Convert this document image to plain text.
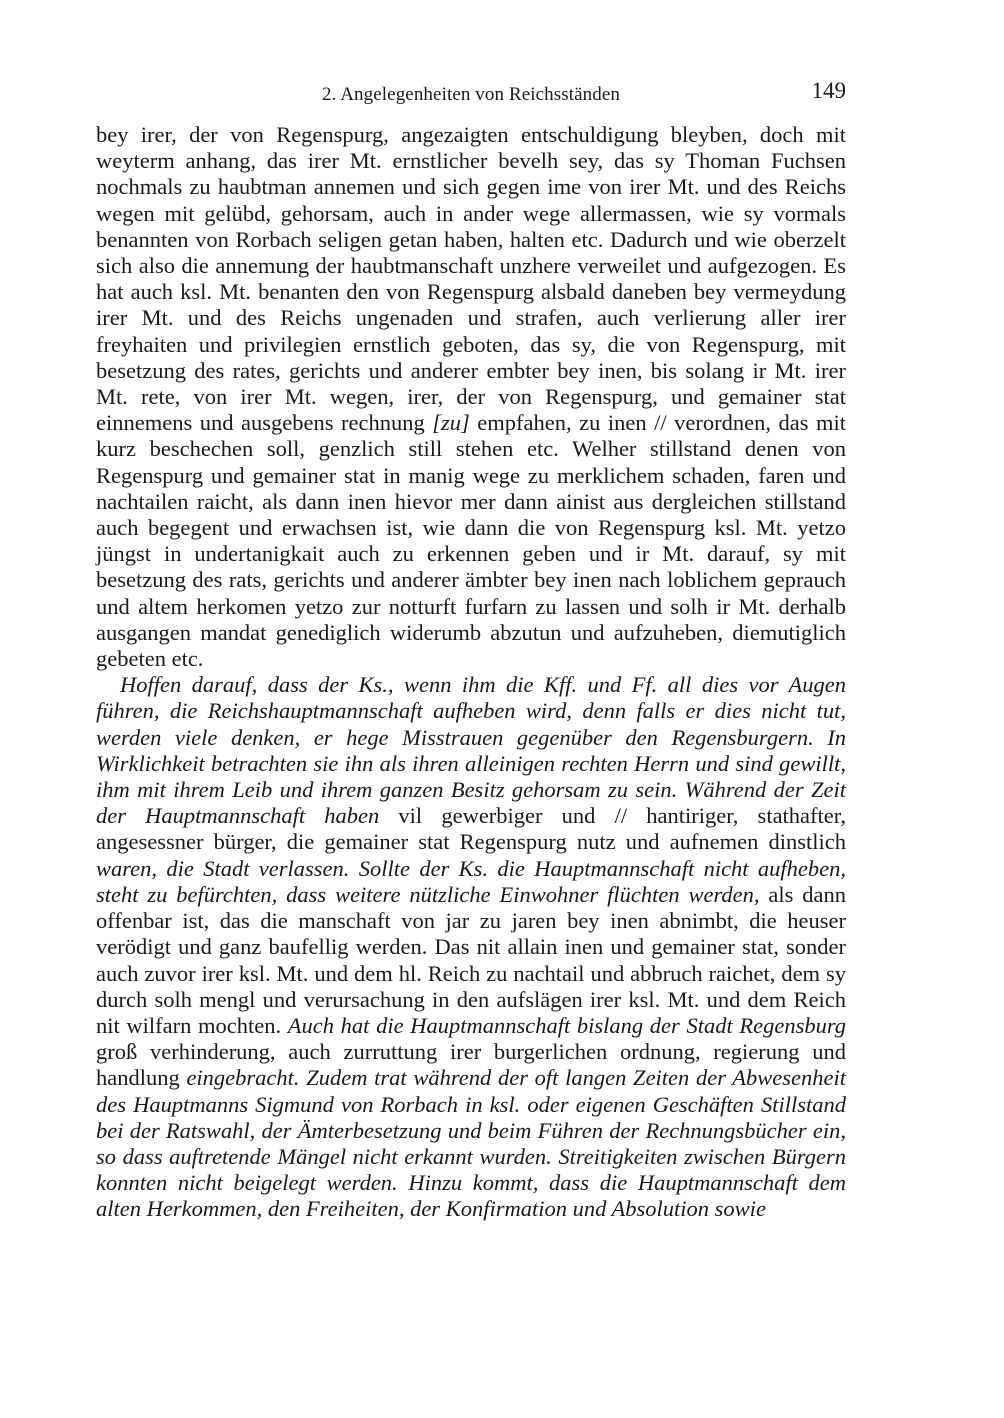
2. Angelegenheiten von Reichsständen	149

bey irer, der von Regenspurg, angezaigten entschuldigung bleyben, doch mit weyterm anhang, das irer Mt. ernstlicher bevelh sey, das sy Thoman Fuchsen nochmals zu haubtman annemen und sich gegen ime von irer Mt. und des Reichs wegen mit gelübd, gehorsam, auch in ander wege allermassen, wie sy vormals benannten von Rorbach seligen getan haben, halten etc. Dadurch und wie oberzelt sich also die annemung der haubtmanschaft unzhere verweilet und aufgezogen. Es hat auch ksl. Mt. benanten den von Regenspurg alsbald daneben bey vermeydung irer Mt. und des Reichs ungenaden und strafen, auch verlierung aller irer freyhaiten und privilegien ernstlich geboten, das sy, die von Regenspurg, mit besetzung des rates, gerichts und anderer embter bey inen, bis solang ir Mt. irer Mt. rete, von irer Mt. wegen, irer, der von Regenspurg, und gemainer stat einnemens und ausgebens rechnung [zu] empfahen, zu inen // verordnen, das mit kurz beschechen soll, genzlich still stehen etc. Welher stillstand denen von Regenspurg und gemainer stat in manig wege zu merklichem schaden, faren und nachtailen raicht, als dann inen hievor mer dann ainist aus dergleichen stillstand auch begegent und erwachsen ist, wie dann die von Regenspurg ksl. Mt. yetzo jüngst in undertanigkait auch zu erkennen geben und ir Mt. darauf, sy mit besetzung des rats, gerichts und anderer ämbter bey inen nach loblichem geprauch und altem herkomen yetzo zur notturft furfarn zu lassen und solh ir Mt. derhalb ausgangen mandat genediglich widerumb abzutun und aufzuheben, diemutiglich gebeten etc.

Hoffen darauf, dass der Ks., wenn ihm die Kff. und Ff. all dies vor Augen führen, die Reichshauptmannschaft aufheben wird, denn falls er dies nicht tut, werden viele denken, er hege Misstrauen gegenüber den Regensburgern. In Wirklichkeit betrachten sie ihn als ihren alleinigen rechten Herrn und sind gewillt, ihm mit ihrem Leib und ihrem ganzen Besitz gehorsam zu sein. Während der Zeit der Hauptmannschaft haben vil gewerbiger und // hantiriger, stathafter, angesessner bürger, die gemainer stat Regenspurg nutz und aufnemen dinstlich waren, die Stadt verlassen. Sollte der Ks. die Hauptmannschaft nicht aufheben, steht zu befürchten, dass weitere nützliche Einwohner flüchten werden, als dann offenbar ist, das die manschaft von jar zu jaren bey inen abnimbt, die heuser verödigt und ganz baufellig werden. Das nit allain inen und gemainer stat, sonder auch zuvor irer ksl. Mt. und dem hl. Reich zu nachtail und abbruch raichet, dem sy durch solh mengl und verursachung in den aufslägen irer ksl. Mt. und dem Reich nit wilfarn mochten. Auch hat die Hauptmannschaft bislang der Stadt Regensburg groß verhinderung, auch zurruttung irer burgerlichen ordnung, regierung und handlung eingebracht. Zudem trat während der oft langen Zeiten der Abwesenheit des Hauptmanns Sigmund von Rorbach in ksl. oder eigenen Geschäften Stillstand bei der Ratswahl, der Ämterbesetzung und beim Führen der Rechnungsbücher ein, so dass auftretende Mängel nicht erkannt wurden. Streitigkeiten zwischen Bürgern konnten nicht beigelegt werden. Hinzu kommt, dass die Hauptmannschaft dem alten Herkommen, den Freiheiten, der Konfirmation und Absolution sowie
